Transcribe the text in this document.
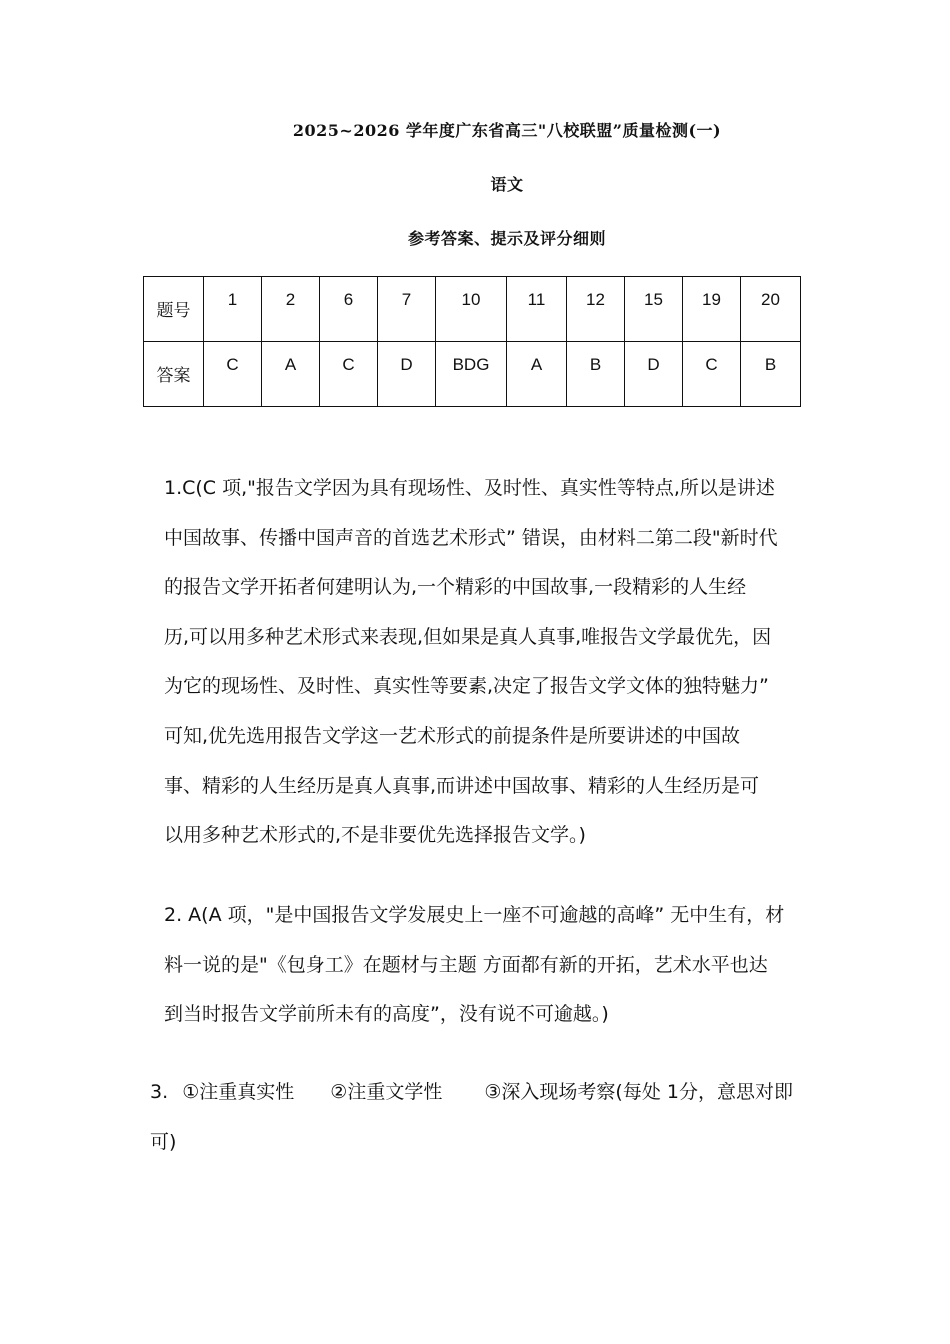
2025~2026 学年度广东省高三"八校联盟”质量检测(一)
语文
参考答案、提示及评分细则
题号	1	2	6	7	10	11	12	15	19	20
答案	C	A	C	D	BDG	A	B	D	C	B
1.C(C 项,"报告文学因为具有现场性、及时性、真实性等特点,所以是讲述
中国故事、传播中国声音的首选艺术形式” 错误，由材料二第二段"新时代
的报告文学开拓者何建明认为,一个精彩的中国故事,一段精彩的人生经
历,可以用多种艺术形式来表现,但如果是真人真事,唯报告文学最优先，因
为它的现场性、及时性、真实性等要素,决定了报告文学文体的独特魅力”
可知,优先选用报告文学这一艺术形式的前提条件是所要讲述的中国故
事、精彩的人生经历是真人真事,而讲述中国故事、精彩的人生经历是可
以用多种艺术形式的,不是非要优先选择报告文学。)
2. A(A 项，"是中国报告文学发展史上一座不可逾越的高峰” 无中生有，材
料一说的是"《包身工》在题材与主题 方面都有新的开拓，艺术水平也达
到当时报告文学前所未有的高度”，没有说不可逾越。)
3. ①注重真实性 ②注重文学性 ③深入现场考察(每处 1分，意思对即
可)
